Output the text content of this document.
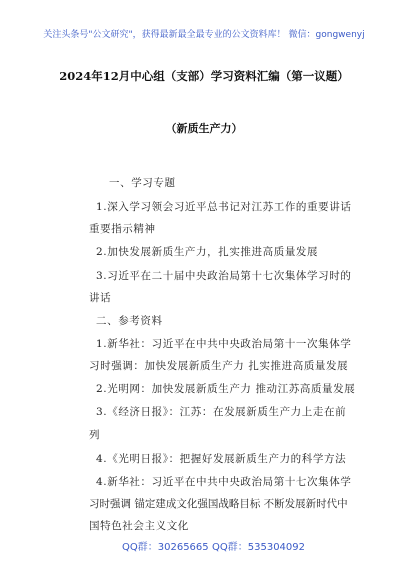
关注头条号"公文研究"，获得最新最全最专业的公文资料库！ 微信：gongwenyj
2024年12月中心组（支部）学习资料汇编（第一议题）
（新质生产力）
一、学习专题
1.深入学习领会习近平总书记对江苏工作的重要讲话
重要指示精神
2.加快发展新质生产力，扎实推进高质量发展
3.习近平在二十届中央政治局第十七次集体学习时的
讲话
二、参考资料
1.新华社：习近平在中共中央政治局第十一次集体学
习时强调：加快发展新质生产力 扎实推进高质量发展
2.光明网：加快发展新质生产力 推动江苏高质量发展
3.《经济日报》：江苏：在发展新质生产力上走在前
列
4.《光明日报》：把握好发展新质生产力的科学方法
4.新华社：习近平在中共中央政治局第十七次集体学
习时强调 锚定建成文化强国战略目标 不断发展新时代中
国特色社会主义文化
QQ群：30265665 QQ群：535304092
